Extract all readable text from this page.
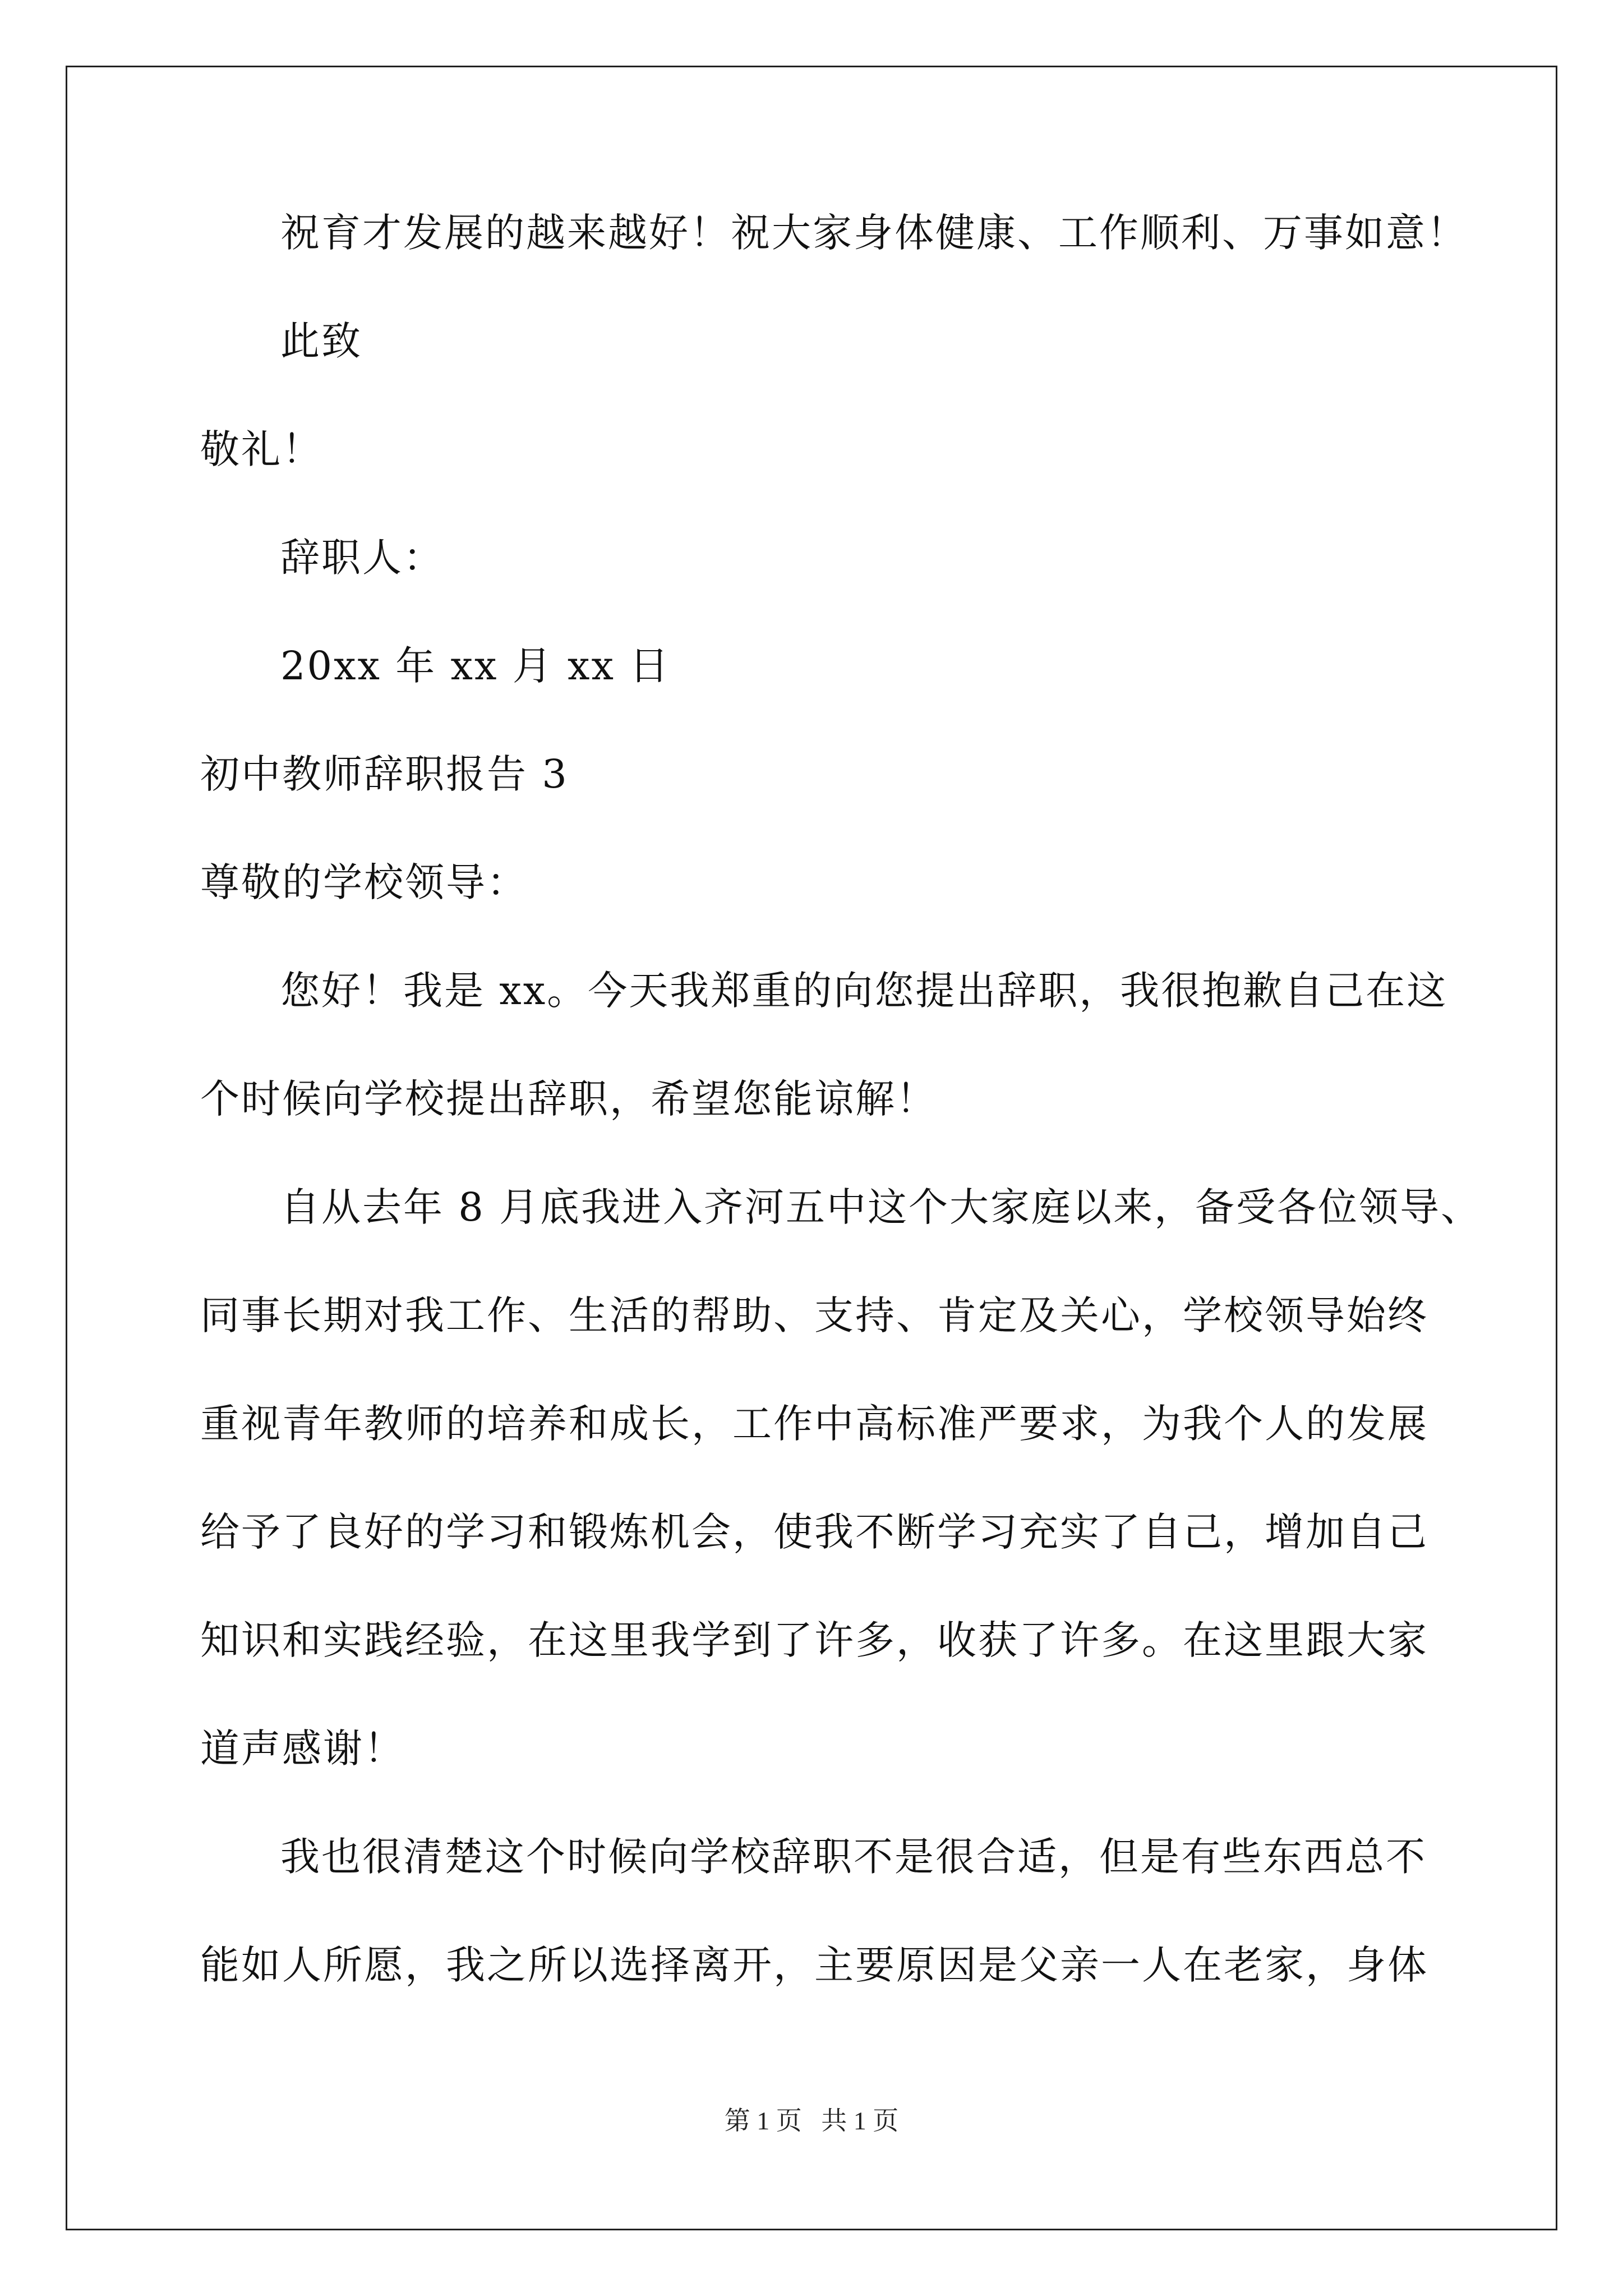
祝育才发展的越来越好！祝大家身体健康、工作顺利、万事如意！
此致
敬礼！
辞职人：
20xx 年 xx 月 xx 日
初中教师辞职报告 3
尊敬的学校领导：
您好！我是 xx。今天我郑重的向您提出辞职，我很抱歉自己在这
个时候向学校提出辞职，希望您能谅解！
自从去年 8 月底我进入齐河五中这个大家庭以来，备受各位领导、
同事长期对我工作、生活的帮助、支持、肯定及关心，学校领导始终
重视青年教师的培养和成长，工作中高标准严要求，为我个人的发展
给予了良好的学习和锻炼机会，使我不断学习充实了自己，增加自己
知识和实践经验，在这里我学到了许多，收获了许多。在这里跟大家
道声感谢！
我也很清楚这个时候向学校辞职不是很合适，但是有些东西总不
能如人所愿，我之所以选择离开，主要原因是父亲一人在老家，身体
第 1 页   共 1 页
